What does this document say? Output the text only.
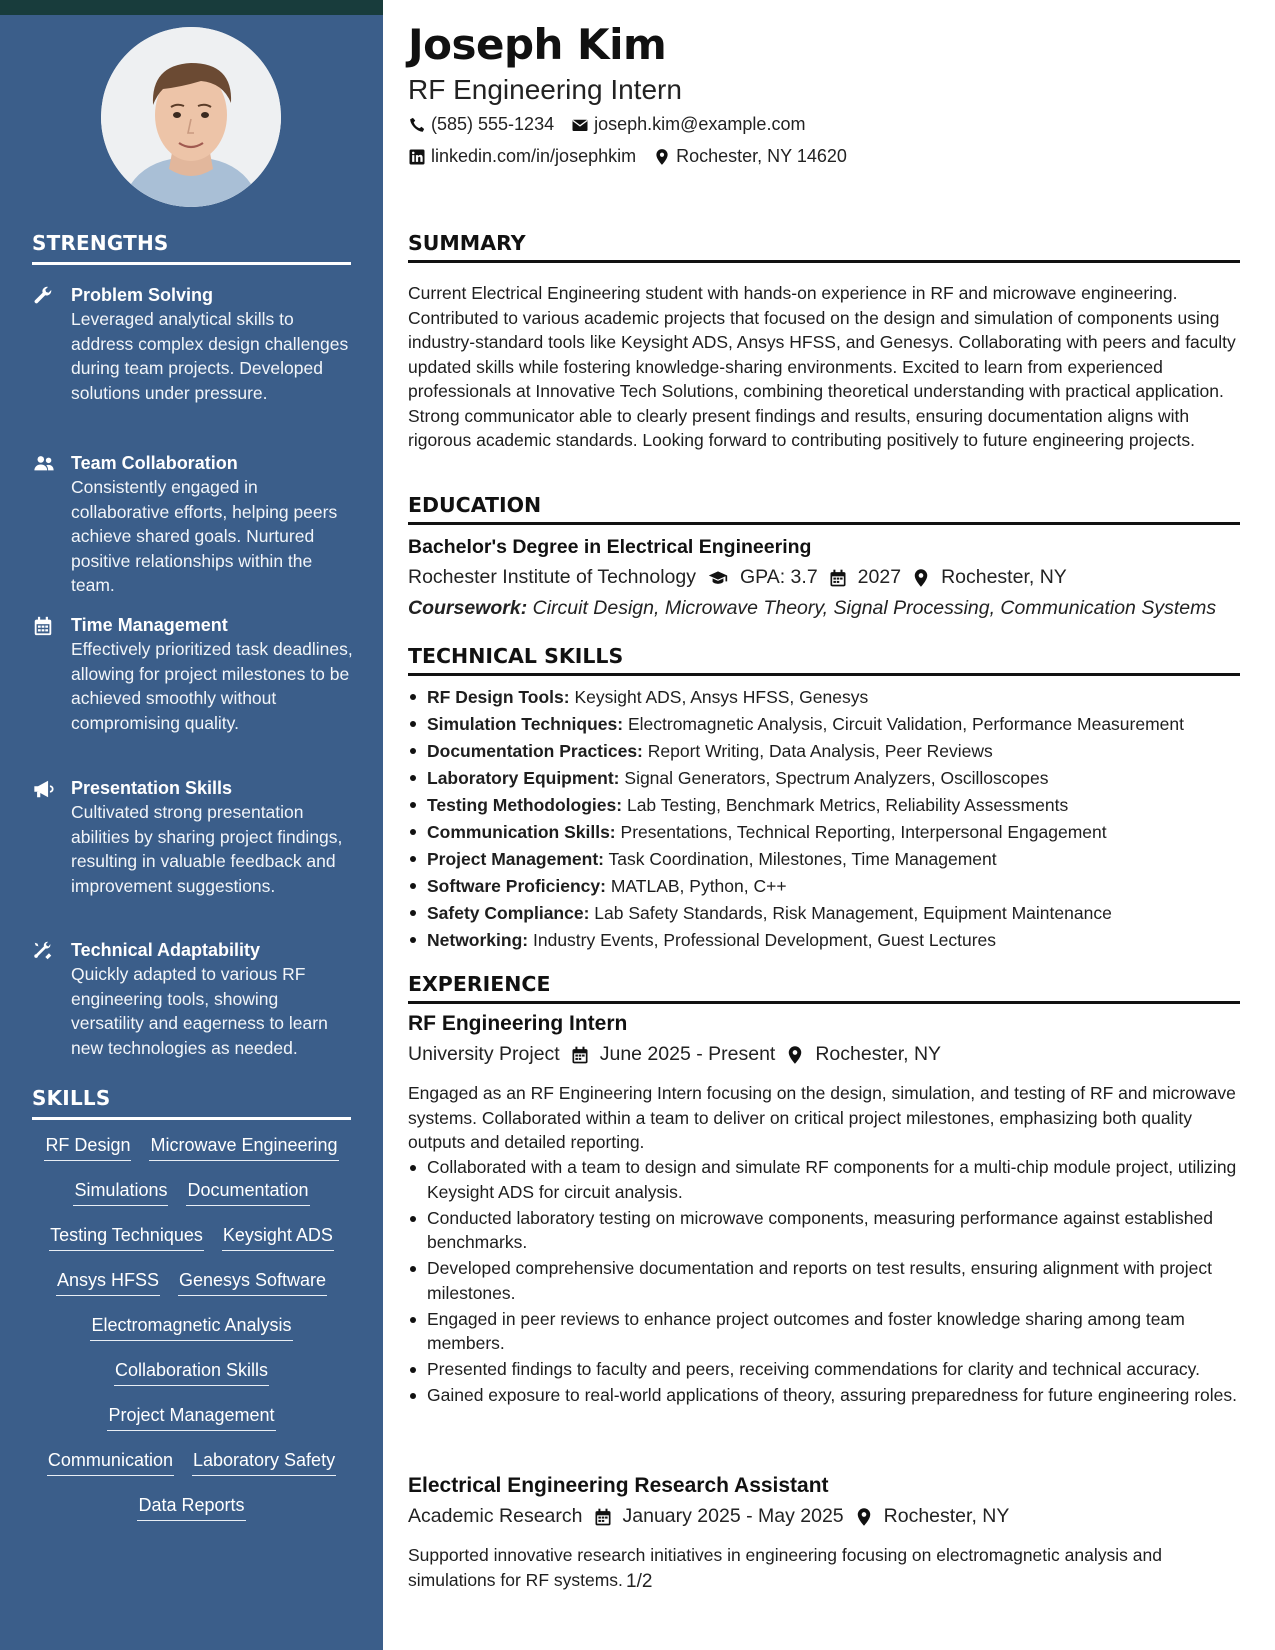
STRENGTHS
Problem Solving
Leveraged analytical skills to address complex design challenges during team projects. Developed solutions under pressure.
Team Collaboration
Consistently engaged in collaborative efforts, helping peers achieve shared goals. Nurtured positive relationships within the team.
Time Management
Effectively prioritized task deadlines, allowing for project milestones to be achieved smoothly without compromising quality.
Presentation Skills
Cultivated strong presentation abilities by sharing project findings, resulting in valuable feedback and improvement suggestions.
Technical Adaptability
Quickly adapted to various RF engineering tools, showing versatility and eagerness to learn new technologies as needed.
SKILLS
RF Design Microwave Engineering
Simulations Documentation
Testing Techniques Keysight ADS
Ansys HFSS Genesys Software
Electromagnetic Analysis
Collaboration Skills
Project Management
Communication Laboratory Safety
Data Reports
Joseph Kim
RF Engineering Intern
(585) 555-1234 joseph.kim@example.com
linkedin.com/in/josephkim Rochester, NY 14620
SUMMARY
Current Electrical Engineering student with hands-on experience in RF and microwave engineering. Contributed to various academic projects that focused on the design and simulation of components using industry-standard tools like Keysight ADS, Ansys HFSS, and Genesys. Collaborating with peers and faculty updated skills while fostering knowledge-sharing environments. Excited to learn from experienced professionals at Innovative Tech Solutions, combining theoretical understanding with practical application. Strong communicator able to clearly present findings and results, ensuring documentation aligns with rigorous academic standards. Looking forward to contributing positively to future engineering projects.
EDUCATION
Bachelor's Degree in Electrical Engineering
Rochester Institute of Technology GPA: 3.7 2027 Rochester, NY
Coursework: Circuit Design, Microwave Theory, Signal Processing, Communication Systems
TECHNICAL SKILLS
RF Design Tools: Keysight ADS, Ansys HFSS, Genesys
Simulation Techniques: Electromagnetic Analysis, Circuit Validation, Performance Measurement
Documentation Practices: Report Writing, Data Analysis, Peer Reviews
Laboratory Equipment: Signal Generators, Spectrum Analyzers, Oscilloscopes
Testing Methodologies: Lab Testing, Benchmark Metrics, Reliability Assessments
Communication Skills: Presentations, Technical Reporting, Interpersonal Engagement
Project Management: Task Coordination, Milestones, Time Management
Software Proficiency: MATLAB, Python, C++
Safety Compliance: Lab Safety Standards, Risk Management, Equipment Maintenance
Networking: Industry Events, Professional Development, Guest Lectures
EXPERIENCE
RF Engineering Intern
University Project June 2025 - Present Rochester, NY
Engaged as an RF Engineering Intern focusing on the design, simulation, and testing of RF and microwave systems. Collaborated within a team to deliver on critical project milestones, emphasizing both quality outputs and detailed reporting.
Collaborated with a team to design and simulate RF components for a multi-chip module project, utilizing Keysight ADS for circuit analysis.
Conducted laboratory testing on microwave components, measuring performance against established benchmarks.
Developed comprehensive documentation and reports on test results, ensuring alignment with project milestones.
Engaged in peer reviews to enhance project outcomes and foster knowledge sharing among team members.
Presented findings to faculty and peers, receiving commendations for clarity and technical accuracy.
Gained exposure to real-world applications of theory, assuring preparedness for future engineering roles.
Electrical Engineering Research Assistant
Academic Research January 2025 - May 2025 Rochester, NY
Supported innovative research initiatives in engineering focusing on electromagnetic analysis and simulations for RF systems. 1/2
